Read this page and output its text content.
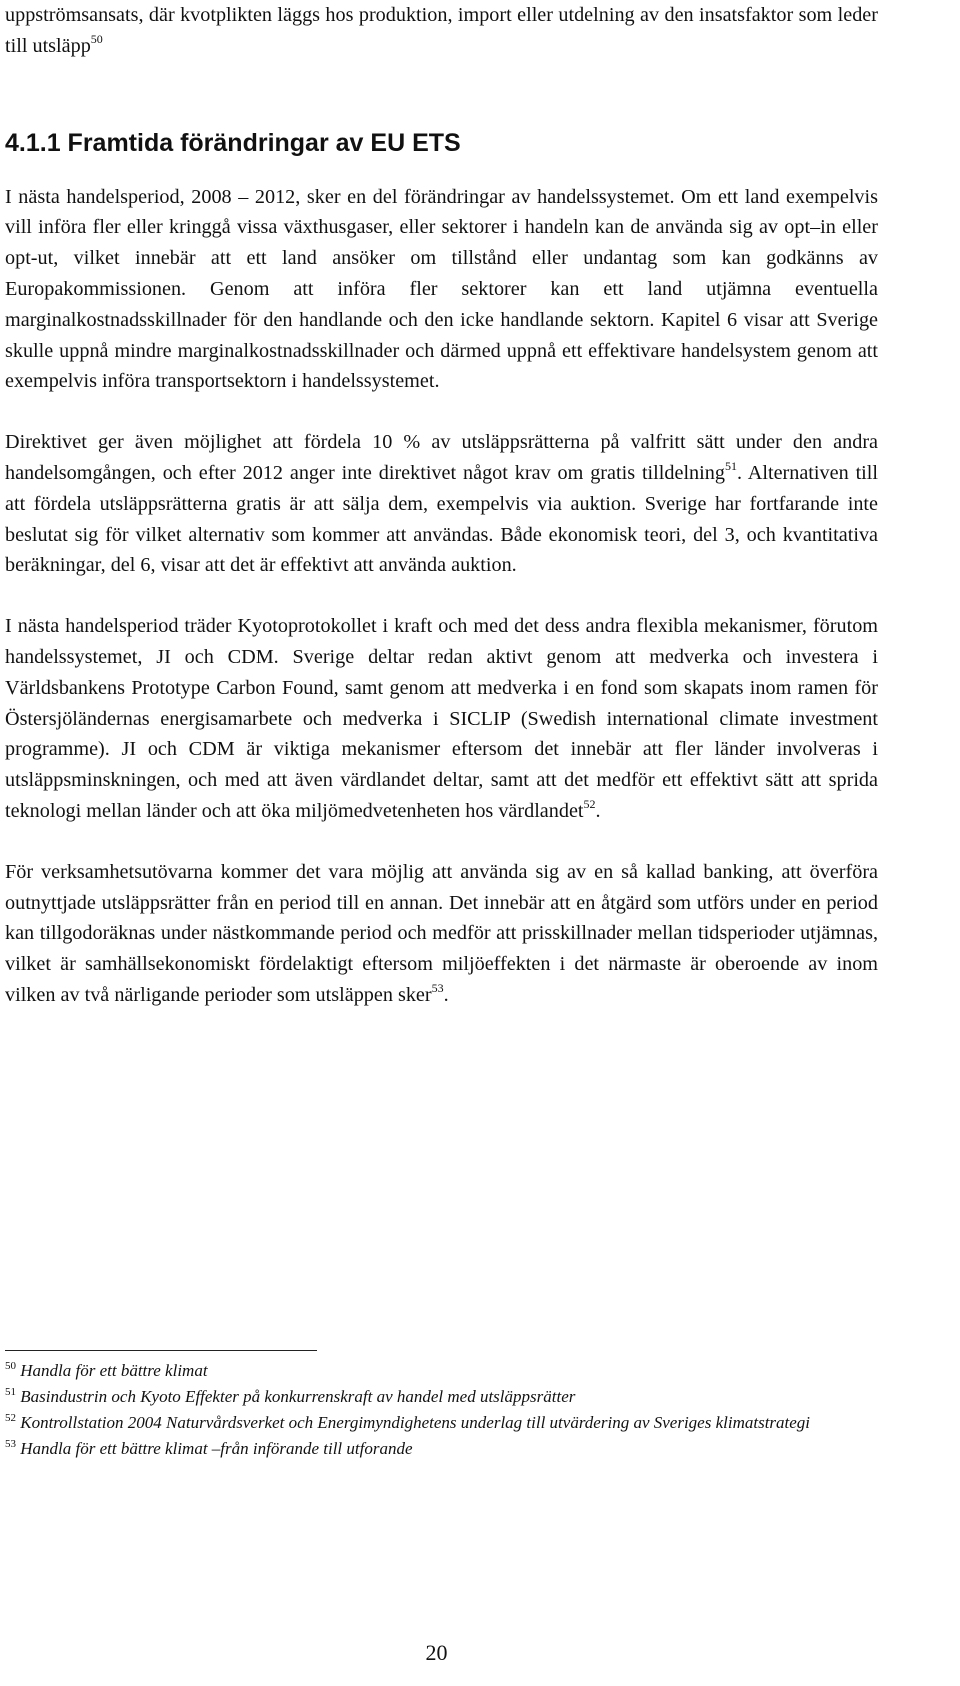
uppströmsansats, där kvotplikten läggs hos produktion, import eller utdelning av den insatsfaktor som leder till utsläpp$^{50}$

4.1.1 Framtida förändringar av EU ETS

I nästa handelsperiod, 2008 – 2012, sker en del förändringar av handelssystemet. Om ett land exempelvis vill införa fler eller kringgå vissa växthusgaser, eller sektorer i handeln kan de använda sig av opt–in eller opt-ut, vilket innebär att ett land ansöker om tillstånd eller undantag som kan godkänns av Europakommissionen. Genom att införa fler sektorer kan ett land utjämna eventuella marginalkostnadsskillnader för den handlande och den icke handlande sektorn. Kapitel 6 visar att Sverige skulle uppnå mindre marginalkostnadsskillnader och därmed uppnå ett effektivare handelsystem genom att exempelvis införa transportsektorn i handelssystemet.

Direktivet ger även möjlighet att fördela 10 % av utsläppsrätterna på valfritt sätt under den andra handelsomgången, och efter 2012 anger inte direktivet något krav om gratis tilldelning$^{51}$. Alternativen till att fördela utsläppsrätterna gratis är att sälja dem, exempelvis via auktion. Sverige har fortfarande inte beslutat sig för vilket alternativ som kommer att användas. Både ekonomisk teori, del 3, och kvantitativa beräkningar, del 6, visar att det är effektivt att använda auktion.

I nästa handelsperiod träder Kyotoprotokollet i kraft och med det dess andra flexibla mekanismer, förutom handelssystemet, JI och CDM. Sverige deltar redan aktivt genom att medverka och investera i Världsbankens Prototype Carbon Found, samt genom att medverka i en fond som skapats inom ramen för Östersjöländernas energisamarbete och medverka i SICLIP (Swedish international climate investment programme). JI och CDM är viktiga mekanismer eftersom det innebär att fler länder involveras i utsläppsminskningen, och med att även värdlandet deltar, samt att det medför ett effektivt sätt att sprida teknologi mellan länder och att öka miljömedvetenheten hos värdlandet$^{52}$.

För verksamhetsutövarna kommer det vara möjlig att använda sig av en så kallad banking, att överföra outnyttjade utsläppsrätter från en period till en annan. Det innebär att en åtgärd som utförs under en period kan tillgodoräknas under nästkommande period och medför att prisskillnader mellan tidsperioder utjämnas, vilket är samhällsekonomiskt fördelaktigt eftersom miljöeffekten i det närmaste är oberoende av inom vilken av två närligande perioder som utsläppen sker$^{53}$.

$^{50}$ Handla för ett bättre klimat

$^{51}$ Basindustrin och Kyoto Effekter på konkurrenskraft av handel med utsläppsrätter

$^{52}$ Kontrollstation 2004 Naturvårdsverket och Energimyndighetens underlag till utvärdering av Sveriges klimatstrategi

$^{53}$ Handla för ett bättre klimat –från införande till utforande

20
